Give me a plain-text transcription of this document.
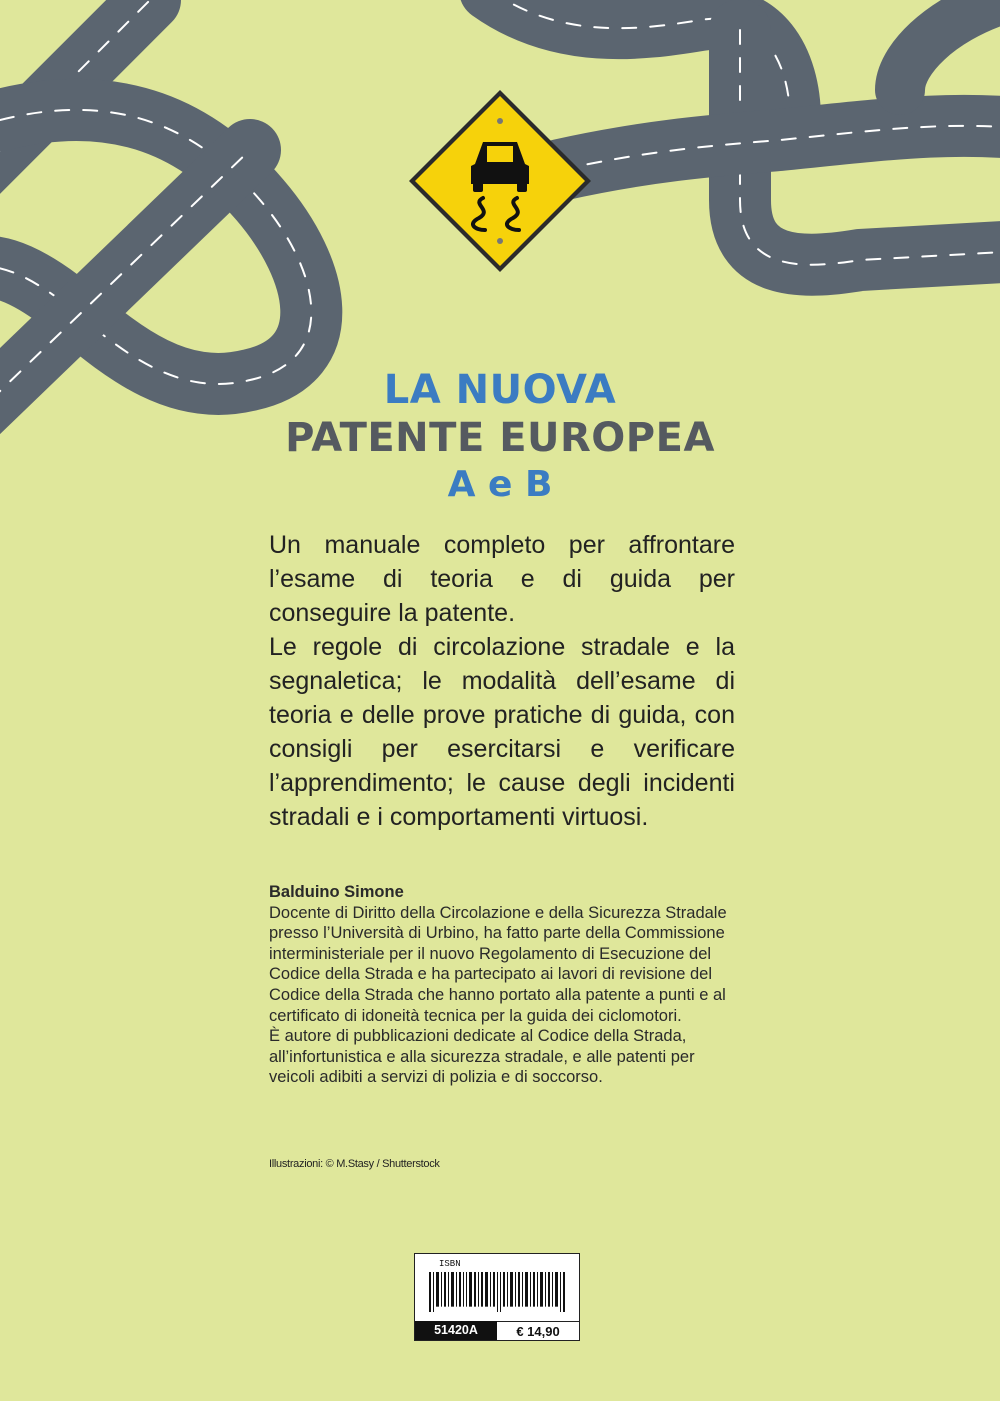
LA NUOVA
PATENTE EUROPEA
A e B

Un manuale completo per affrontare l’esame di teoria e di guida per conseguire la patente.

Le regole di circolazione stradale e la segnaletica; le modalità dell’esame di teoria e delle prove pratiche di guida, con consigli per esercitarsi e verificare l’apprendimento; le cause degli incidenti stradali e i comportamenti virtuosi.

Balduino Simone

Docente di Diritto della Circolazione e della Sicurezza Stradale presso l’Università di Urbino, ha fatto parte della Commissione interministeriale per il nuovo Regolamento di Esecuzione del Codice della Strada e ha partecipato ai lavori di revisione del Codice della Strada che hanno portato alla patente a punti e al certificato di idoneità tecnica per la guida dei ciclomotori.

È autore di pubblicazioni dedicate al Codice della Strada, all’infortunistica e alla sicurezza stradale, e alle patenti per veicoli adibiti a servizi di polizia e di soccorso.

Illustrazioni: © M.Stasy / Shutterstock
ISBN
51420A	€ 14,90
